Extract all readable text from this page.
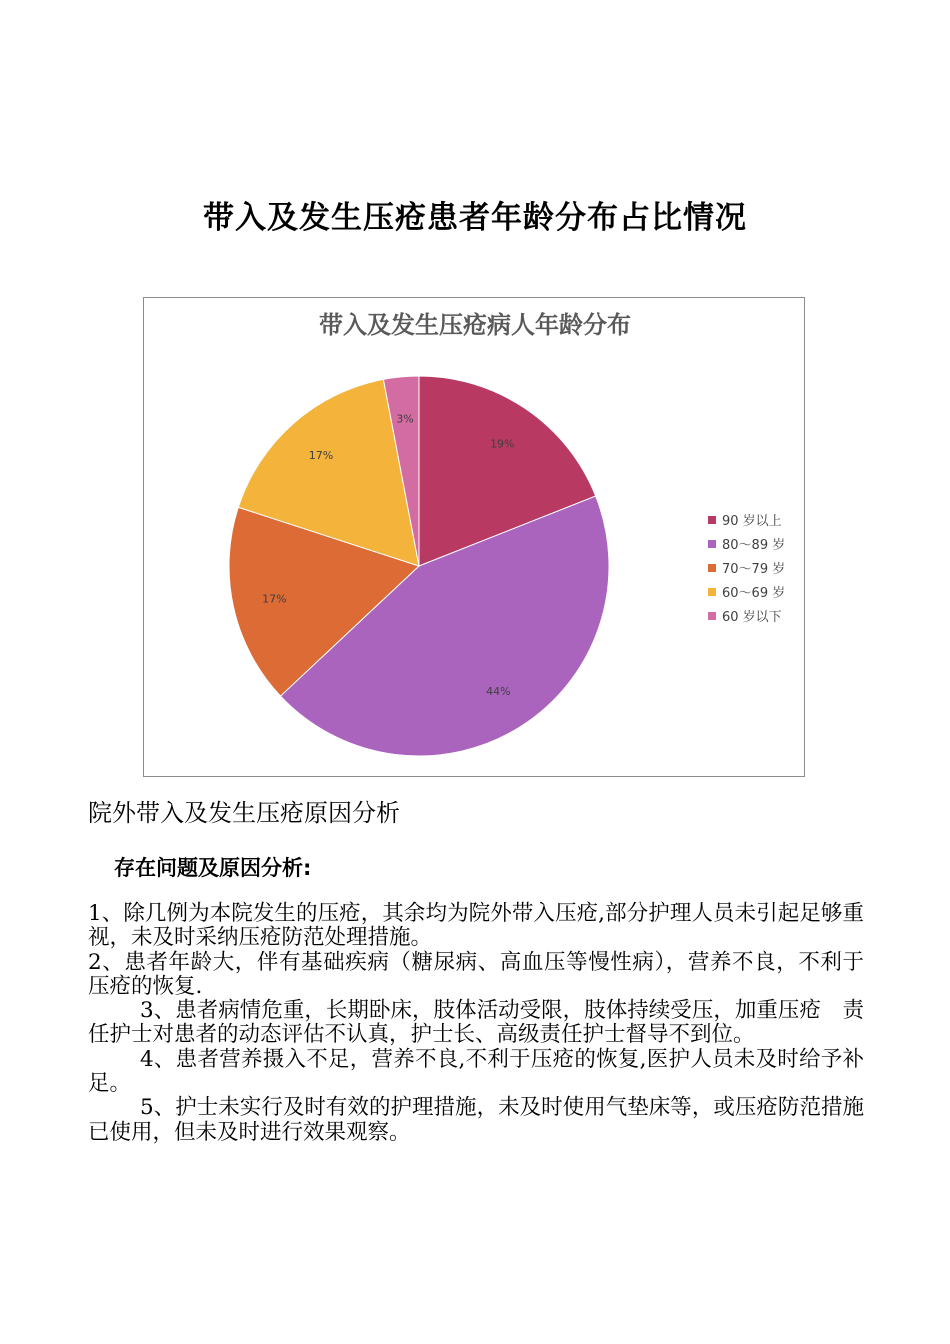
带入及发生压疮患者年龄分布占比情况
带入及发生压疮病人年龄分布
19%
44%
17%
17%
3%
90 岁以上
80～89 岁
70～79 岁
60～69 岁
60 岁以下
院外带入及发生压疮原因分析
存在问题及原因分析:

1、除几例为本院发生的压疮，其余均为院外带入压疮,部分护理人员未引起足够重视，未及时采纳压疮防范处理措施。

2、患者年龄大，伴有基础疾病（糖尿病、高血压等慢性病），营养不良，不利于压疮的恢复.

3、患者病情危重，长期卧床，肢体活动受限，肢体持续受压，加重压疮　责任护士对患者的动态评估不认真，护士长、高级责任护士督导不到位。

4、患者营养摄入不足，营养不良,不利于压疮的恢复,医护人员未及时给予补足。

5、护士未实行及时有效的护理措施，未及时使用气垫床等，或压疮防范措施已使用，但未及时进行效果观察。
